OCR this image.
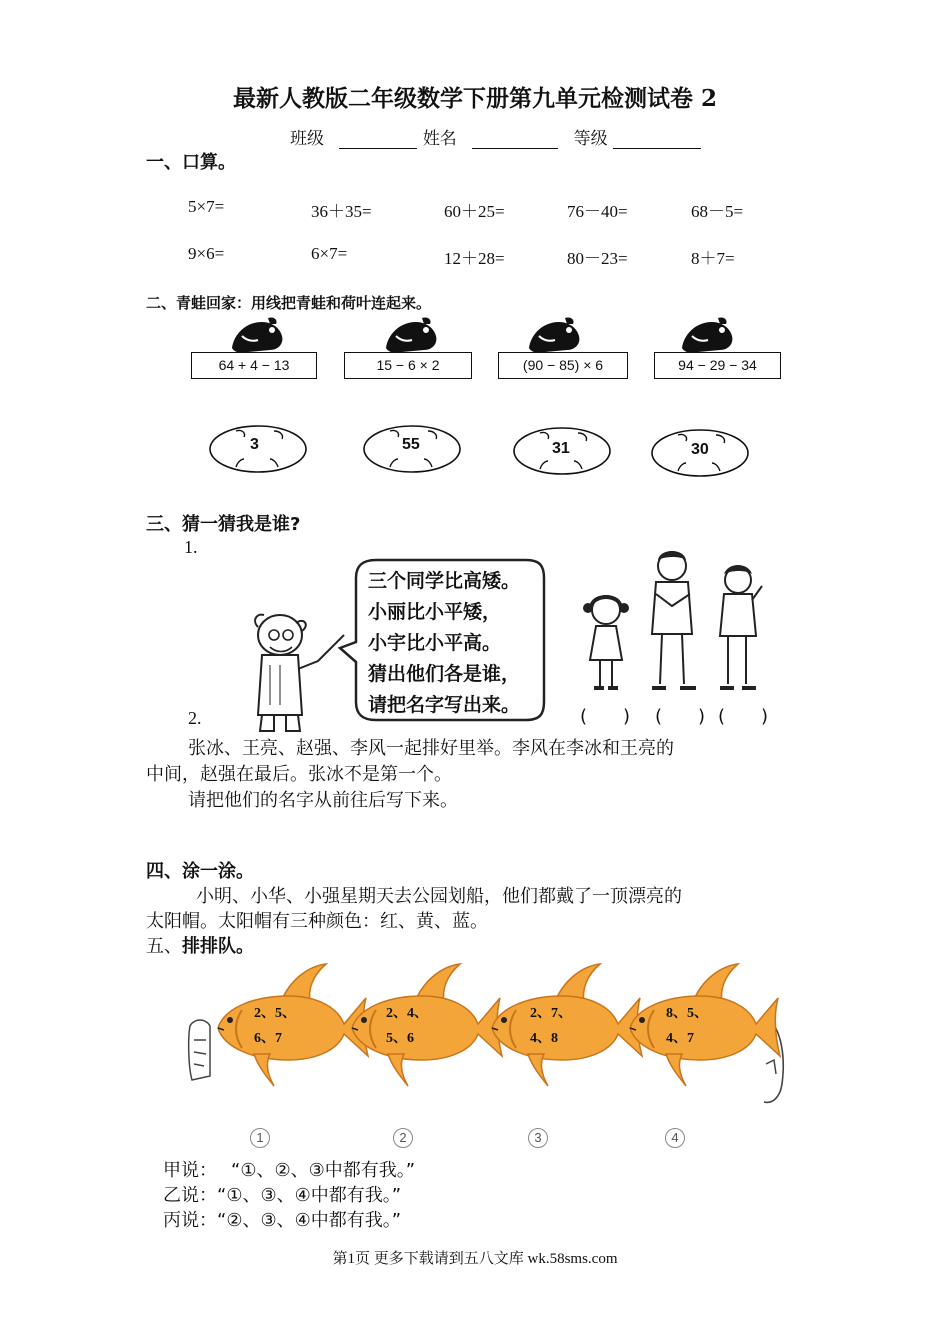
最新人教版二年级数学下册第九单元检测试卷 2
班级	姓名	等级
一、口算。
5×7=	36＋35=	60＋25=	76－40=	68－5=
9×6=	6×7=	12＋28=	80－23=	8＋7=
二、青蛙回家：用线把青蛙和荷叶连起来。
64 + 4 − 13	15 − 6 × 2	(90 − 85) × 6	94 − 29 − 34
3	55	31	30
三、猜一猜我是谁?
1.
三个同学比高矮。
小丽比小平矮，
小宇比小平高。
猜出他们各是谁，
请把名字写出来。
(　　) (　　) (　　)
2.
张冰、王亮、赵强、李风一起排好里举。李风在李冰和王亮的
中间，赵强在最后。张冰不是第一个。
请把他们的名字从前往后写下来。
四、涂一涂。
小明、小华、小强星期天去公园划船，他们都戴了一顶漂亮的
太阳帽。太阳帽有三种颜色：红、黄、蓝。
五、排排队。
2、5、
6、7
2、4、
5、6
2、7、
4、8
8、5、
4、7
1	2	3	4
甲说： “①、②、③中都有我。”
乙说：“①、③、④中都有我。”
丙说：“②、③、④中都有我。”
第1页 更多下载请到五八文库 wk.58sms.com
